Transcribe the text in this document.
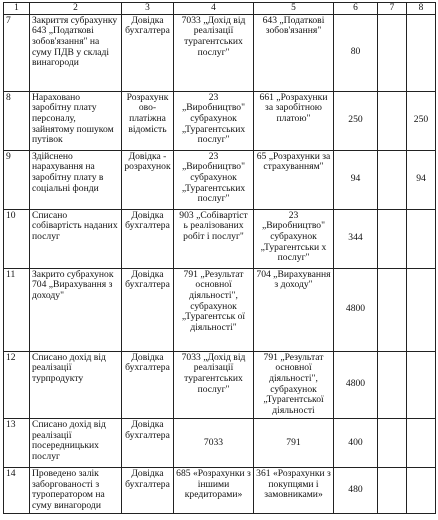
1	2	3	4	5	6	7	8
7	Закриття субрахунку 643 „Податкові зобов'язання" на суму ПДВ у складі винагороди	Довідка бухгалтера	7033 „Дохід від реалізації турагентських послуг"	643 „Податкові зобов'язання"	80		
8	Нараховано заробітну плату персоналу, зайнятому пошуком путівок	Розрахунк ово-платіжна відомість	23 „Виробництво" субрахунок „Турагентських послуг"	661 „Розрахунки за заробітною платою"	250		250
9	Здійснено нарахування на заробітну плату в соціальні фонди	Довідка - розрахунок	23 „Виробництво" субрахунок „Турагентських послуг"	65 „Розрахунки за страхуванням"	94		94
10	Списано собівартість наданих послуг	Довідка бухгалтера	903 „Собівартіст ь реалізованих робіт і послуг"	23 „Виробництво" субрахунок „Турагентськи х послуг"	344		
11	Закрито субрахунок 704 „Вирахування з доходу"	Довідка бухгалтера	791 „Результат основної діяльності", субрахунок „Турагентськ ої діяльності"	704 „Вирахування з доходу"	4800		
12	Списано дохід від реалізації турпродукту	Довідка бухгалтера	7033 „Дохід від реалізації турагентських послуг"	791 „Результат основної діяльності", субрахунок „Турагентської діяльності	4800		
13	Списано дохід від реалізації посередницьких послуг	Довідка бухгалтера	7033	791	400		
14	Проведено залік заборгованості з туроператором на суму винагороди	Довідка бухгалтера	685 «Розрахунки з іншими кредиторами»	361 «Розрахунки з покупцями і замовниками»	480		
